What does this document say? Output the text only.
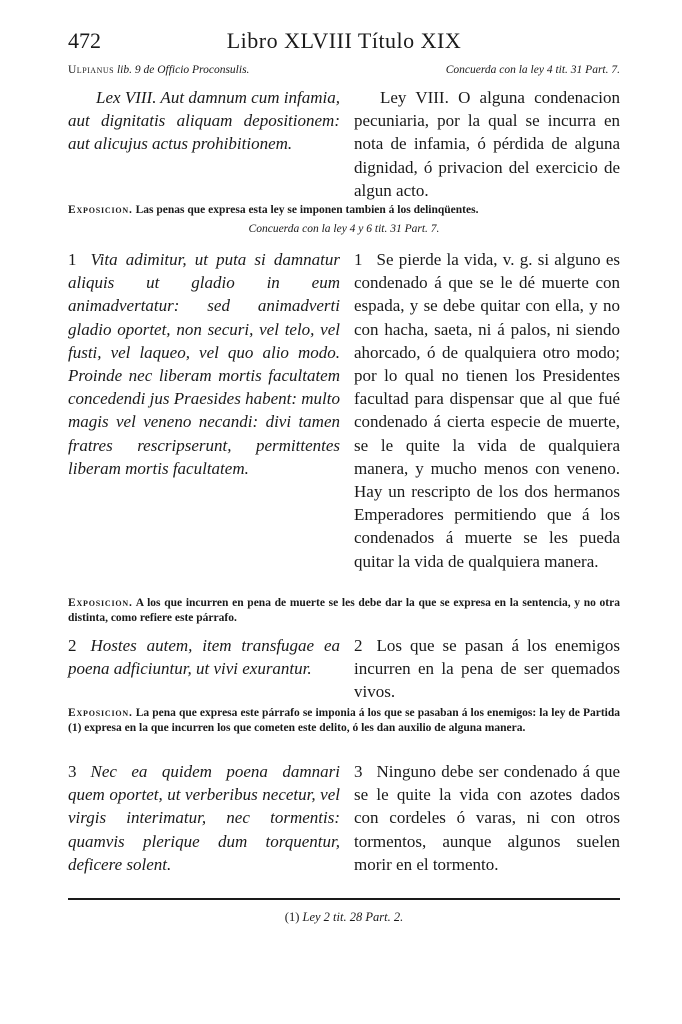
472	Libro XLVIII Título XIX
Ulpianus lib. 9 de Officio Proconsulis.	Concuerda con la ley 4 tit. 31 Part. 7.

Lex VIII. Aut damnum cum infamia, aut dignitatis aliquam depositionem: aut alicujus actus prohibitionem.

Ley VIII. O alguna condenacion pecuniaria, por la qual se incurra en nota de infamia, ó pérdida de alguna dignidad, ó privacion del exercicio de algun acto.

Exposicion. Las penas que expresa esta ley se imponen tambien á los delinqüentes.

Concuerda con la ley 4 y 6 tit. 31 Part. 7.

1 Vita adimitur, ut puta si damnatur aliquis ut gladio in eum animadvertatur: sed animadverti gladio oportet, non securi, vel telo, vel fusti, vel laqueo, vel quo alio modo. Proinde nec liberam mortis facultatem concedendi jus Praesides habent: multo magis vel veneno necandi: divi tamen fratres rescripserunt, permittentes liberam mortis facultatem.

1 Se pierde la vida, v. g. si alguno es condenado á que se le dé muerte con espada, y se debe quitar con ella, y no con hacha, saeta, ni á palos, ni siendo ahorcado, ó de qualquiera otro modo; por lo qual no tienen los Presidentes facultad para dispensar que al que fué condenado á cierta especie de muerte, se le quite la vida de qualquiera manera, y mucho menos con veneno. Hay un rescripto de los dos hermanos Emperadores permitiendo que á los condenados á muerte se les pueda quitar la vida de qualquiera manera.

Exposicion. A los que incurren en pena de muerte se les debe dar la que se expresa en la sentencia, y no otra distinta, como refiere este párrafo.

2 Hostes autem, item transfugae ea poena adficiuntur, ut vivi exurantur.

2 Los que se pasan á los enemigos incurren en la pena de ser quemados vivos.

Exposicion. La pena que expresa este párrafo se imponia á los que se pasaban á los enemigos: la ley de Partida (1) expresa en la que incurren los que cometen este delito, ó les dan auxilio de alguna manera.

3 Nec ea quidem poena damnari quem oportet, ut verberibus necetur, vel virgis interimatur, nec tormentis: quamvis plerique dum torquentur, deficere solent.

3 Ninguno debe ser condenado á que se le quite la vida con azotes dados con cordeles ó varas, ni con otros tormentos, aunque algunos suelen morir en el tormento.

(1) Ley 2 tit. 28 Part. 2.
